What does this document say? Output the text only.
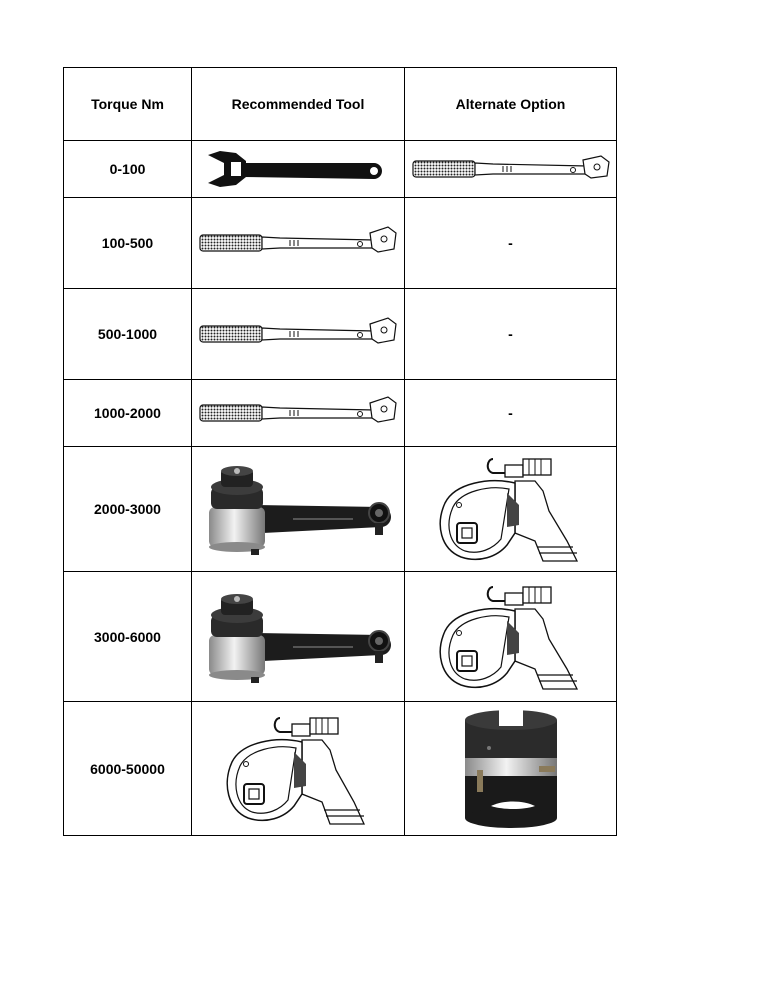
Torque Nm	Recommended Tool	Alternate Option
0-100	

100-500		-
500-1000		-
1000-2000		-
2000-3000	

3000-6000	

6000-50000	
